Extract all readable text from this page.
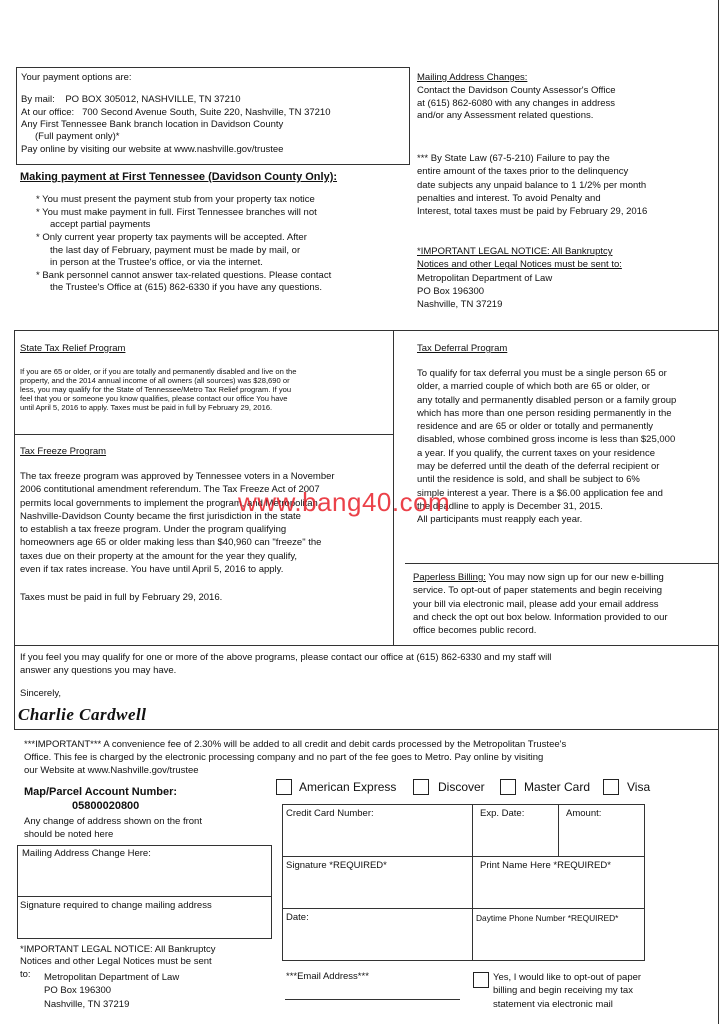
Your payment options are:
By mail:    PO BOX 305012, NASHVILLE, TN 37210
At our office:   700 Second Avenue South, Suite 220, Nashville, TN 37210
Any First Tennessee Bank branch location in Davidson County
(Full payment only)*
Pay online by visiting our website at www.nashville.gov/trustee
Making payment at First Tennessee (Davidson County Only):
* You must present the payment stub from your property tax notice
* You must make payment in full. First Tennessee branches will not
accept partial payments
* Only current year property tax payments will be accepted. After
the last day of February, payment must be made by mail, or
in person at the Trustee's office, or via the internet.
* Bank personnel cannot answer tax-related questions. Please contact
the Trustee's Office at (615) 862-6330 if you have any questions.
Mailing Address Changes:
Contact the Davidson County Assessor's Office
at (615) 862-6080 with any changes in address
and/or any Assessment related questions.
*** By State Law (67-5-210) Failure to pay the
entire amount of the taxes prior to the delinquency
date subjects any unpaid balance to 1 1/2% per month
penalties and interest. To avoid Penalty and
Interest, total taxes must be paid by February 29, 2016
*IMPORTANT LEGAL NOTICE: All Bankruptcy
Notices and other Legal Notices must be sent to:
Metropolitan Department of Law
PO Box 196300
Nashville, TN 37219
State Tax Relief Program
If you are 65 or older, or if you are totally and permanently disabled and live on the
property, and the 2014 annual income of all owners (all sources) was $28,690 or
less, you may qualify for the State of Tennessee/Metro Tax Relief program. If you
feel that you or someone you know qualifies, please contact our office You have
until April 5, 2016 to apply. Taxes must be paid in full by February 29, 2016.
Tax Freeze Program
The tax freeze program was approved by Tennessee voters in a November
2006 contitutional amendment referendum. The Tax Freeze Act of 2007
permits local governments to implement the program, and Metropolitan
Nashville-Davidson County became the first jurisdiction in the state
to establish a tax freeze program. Under the program qualifying
homeowners age 65 or older making less than $40,960 can "freeze" the
taxes due on their property at the amount for the year they qualify,
even if tax rates increase. You have until April 5, 2016 to apply.
Taxes must be paid in full by February 29, 2016.
Tax Deferral Program
To qualify for tax deferral you must be a single person 65 or
older, a married couple of which both are 65 or older, or
any totally and permanently disabled person or a family group
which has more than one person residing permanently in the
residence and are 65 or older or totally and permanently
disabled, whose combined gross income is less than $25,000
a year. If you qualify, the current taxes on your residence
may be deferred until the death of the deferral recipient or
until the residence is sold, and shall be subject to 6%
simple interest a year. There is a $6.00 application fee and
the deadline to apply is December 31, 2015.
All participants must reapply each year.
Paperless Billing: You may now sign up for our new e-billing
service. To opt-out of paper statements and begin receiving
your bill via electronic mail, please add your email address
and check the opt out box below. Information provided to our
office becomes public record.
If you feel you may qualify for one or more of the above programs, please contact our office at (615) 862-6330 and my staff will
answer any questions you may have.
Sincerely,
Charlie Cardwell
www.bang40.com
***IMPORTANT*** A convenience fee of 2.30% will be added to all credit and debit cards processed by the Metropolitan Trustee's
Office. This fee is charged by the electronic processing company and no part of the fee goes to Metro. Pay online by visiting
our Website at www.Nashville.gov/trustee
Map/Parcel Account Number:
05800020800
Any change of address shown on the front
should be noted here
Mailing Address Change Here:
Signature required to change mailing address
*IMPORTANT LEGAL NOTICE: All Bankruptcy
Notices and other Legal Notices must be sent
to: Metropolitan Department of Law
PO Box 196300
Nashville, TN 37219
American Express	Discover	Master Card	Visa
Credit Card Number:	Exp. Date:	Amount:
Signature *REQUIRED*	Print Name Here *REQUIRED*
Date:	Daytime Phone Number *REQUIRED*
***Email Address***	Yes, I would like to opt-out of paper
billing and begin receiving my tax
statement via electronic mail
